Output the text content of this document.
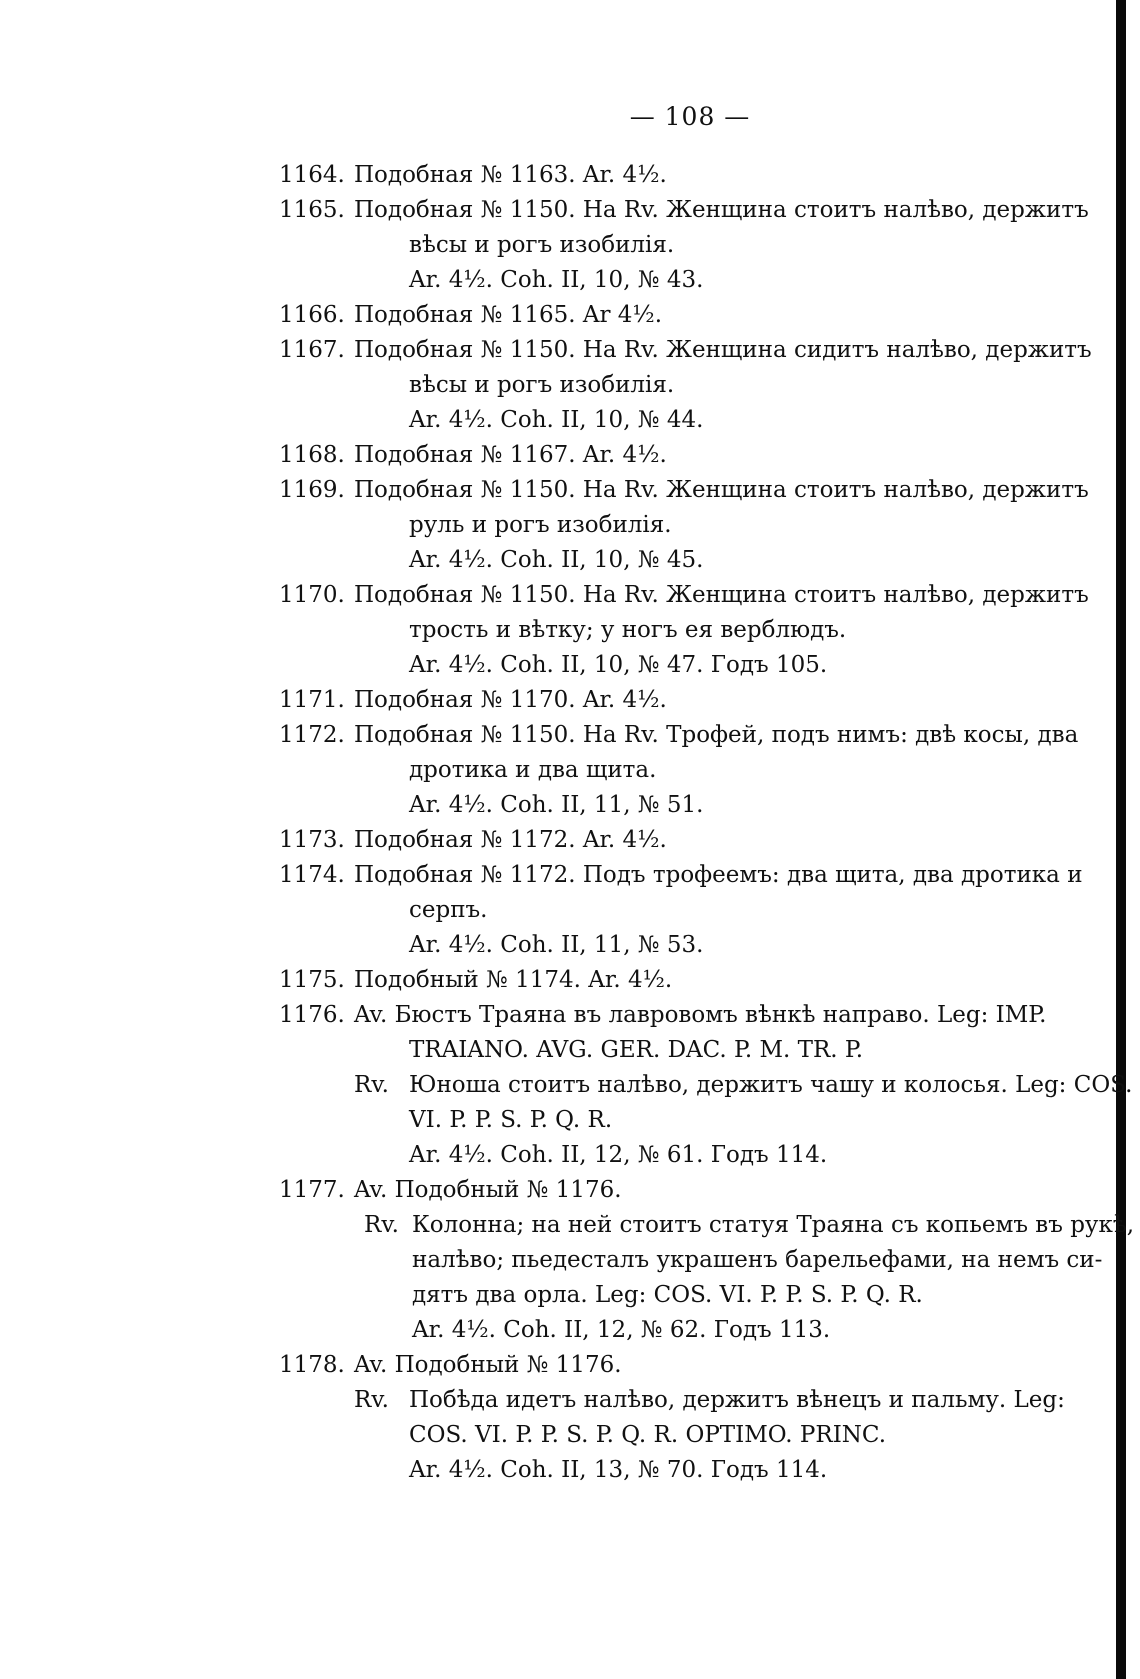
— 108 —
1164. Подобная № 1163. Ar. 4½.
1165. Подобная № 1150. На Rv. Женщина стоитъ налѣво, держитъ
вѣсы и рогъ изобилія.
Ar. 4½. Coh. II, 10, № 43.
1166. Подобная № 1165. Ar 4½.
1167. Подобная № 1150. На Rv. Женщина сидитъ налѣво, держитъ
вѣсы и рогъ изобилія.
Ar. 4½. Coh. II, 10, № 44.
1168. Подобная № 1167. Ar. 4½.
1169. Подобная № 1150. На Rv. Женщина стоитъ налѣво, держитъ
руль и рогъ изобилія.
Ar. 4½. Coh. II, 10, № 45.
1170. Подобная № 1150. На Rv. Женщина стоитъ налѣво, держитъ
трость и вѣтку; у ногъ ея верблюдъ.
Ar. 4½. Coh. II, 10, № 47. Годъ 105.
1171. Подобная № 1170. Ar. 4½.
1172. Подобная № 1150. На Rv. Трофей, подъ нимъ: двѣ косы, два
дротика и два щита.
Ar. 4½. Coh. II, 11, № 51.
1173. Подобная № 1172. Ar. 4½.
1174. Подобная № 1172. Подъ трофеемъ: два щита, два дротика и
серпъ.
Ar. 4½. Coh. II, 11, № 53.
1175. Подобный № 1174. Ar. 4½.
1176. Av. Бюстъ Траяна въ лавровомъ вѣнкѣ направо. Leg: IMP.
TRAIANO. AVG. GER. DAC. P. M. TR. P.
Rv. Юноша стоитъ налѣво, держитъ чашу и колосья. Leg: COS.
VI. P. P. S. P. Q. R.
Ar. 4½. Coh. II, 12, № 61. Годъ 114.
1177. Av. Подобный № 1176.
Rv. Колонна; на ней стоитъ статуя Траяна съ копьемъ въ рукѣ,
налѣво; пьедесталъ украшенъ барельефами, на немъ си-
дятъ два орла. Leg: COS. VI. P. P. S. P. Q. R.
Ar. 4½. Coh. II, 12, № 62. Годъ 113.
1178. Av. Подобный № 1176.
Rv. Побѣда идетъ налѣво, держитъ вѣнецъ и пальму. Leg:
COS. VI. P. P. S. P. Q. R. OPTIMO. PRINC.
Ar. 4½. Coh. II, 13, № 70. Годъ 114.
